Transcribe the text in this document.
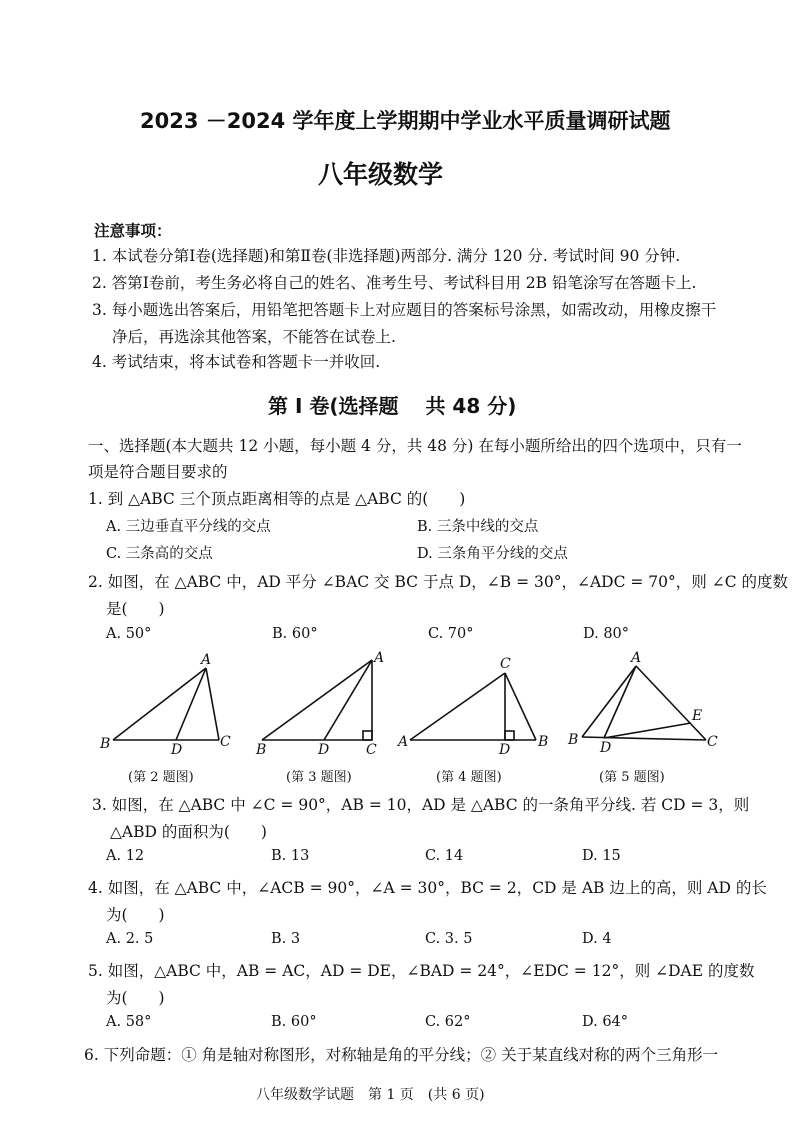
2023 －2024 学年度上学期期中学业水平质量调研试题
八年级数学
注意事项：
1. 本试卷分第Ⅰ卷(选择题)和第Ⅱ卷(非选择题)两部分. 满分 120 分. 考试时间 90 分钟.
2. 答第Ⅰ卷前，考生务必将自己的姓名、准考生号、考试科目用 2B 铅笔涂写在答题卡上.
3. 每小题选出答案后，用铅笔把答题卡上对应题目的答案标号涂黑，如需改动，用橡皮擦干
净后，再选涂其他答案，不能答在试卷上.
4. 考试结束，将本试卷和答题卡一并收回.
第 Ⅰ 卷(选择题　 共 48 分)
一、选择题(本大题共 12 小题，每小题 4 分，共 48 分) 在每小题所给出的四个选项中，只有一
项是符合题目要求的
1. 到 △ABC 三个顶点距离相等的点是 △ABC 的(　　)
A. 三边垂直平分线的交点	B. 三条中线的交点
C. 三条高的交点	D. 三条角平分线的交点
2. 如图，在 △ABC 中，AD 平分 ∠BAC 交 BC 于点 D，∠B = 30°，∠ADC = 70°，则 ∠C 的度数
是(　　)
A. 50°	B. 60°	C. 70°	D. 80°
A
B	D	C
A
B	D	C
C
A	D B
A
E
B D	C
(第 2 题图)	(第 3 题图)	(第 4 题图)	(第 5 题图)
3. 如图，在 △ABC 中 ∠C = 90°，AB = 10，AD 是 △ABC 的一条角平分线. 若 CD = 3，则
△ABD 的面积为(　　)
A. 12	B. 13	C. 14	D. 15
4. 如图，在 △ABC 中，∠ACB = 90°，∠A = 30°，BC = 2，CD 是 AB 边上的高，则 AD 的长
为(　　)
A. 2. 5	B. 3	C. 3. 5	D. 4
5. 如图，△ABC 中，AB = AC，AD = DE，∠BAD = 24°，∠EDC = 12°，则 ∠DAE 的度数
为(　　)
A. 58°	B. 60°	C. 62°	D. 64°
6. 下列命题：① 角是轴对称图形，对称轴是角的平分线；② 关于某直线对称的两个三角形一
八年级数学试题　第 1 页　(共 6 页)
